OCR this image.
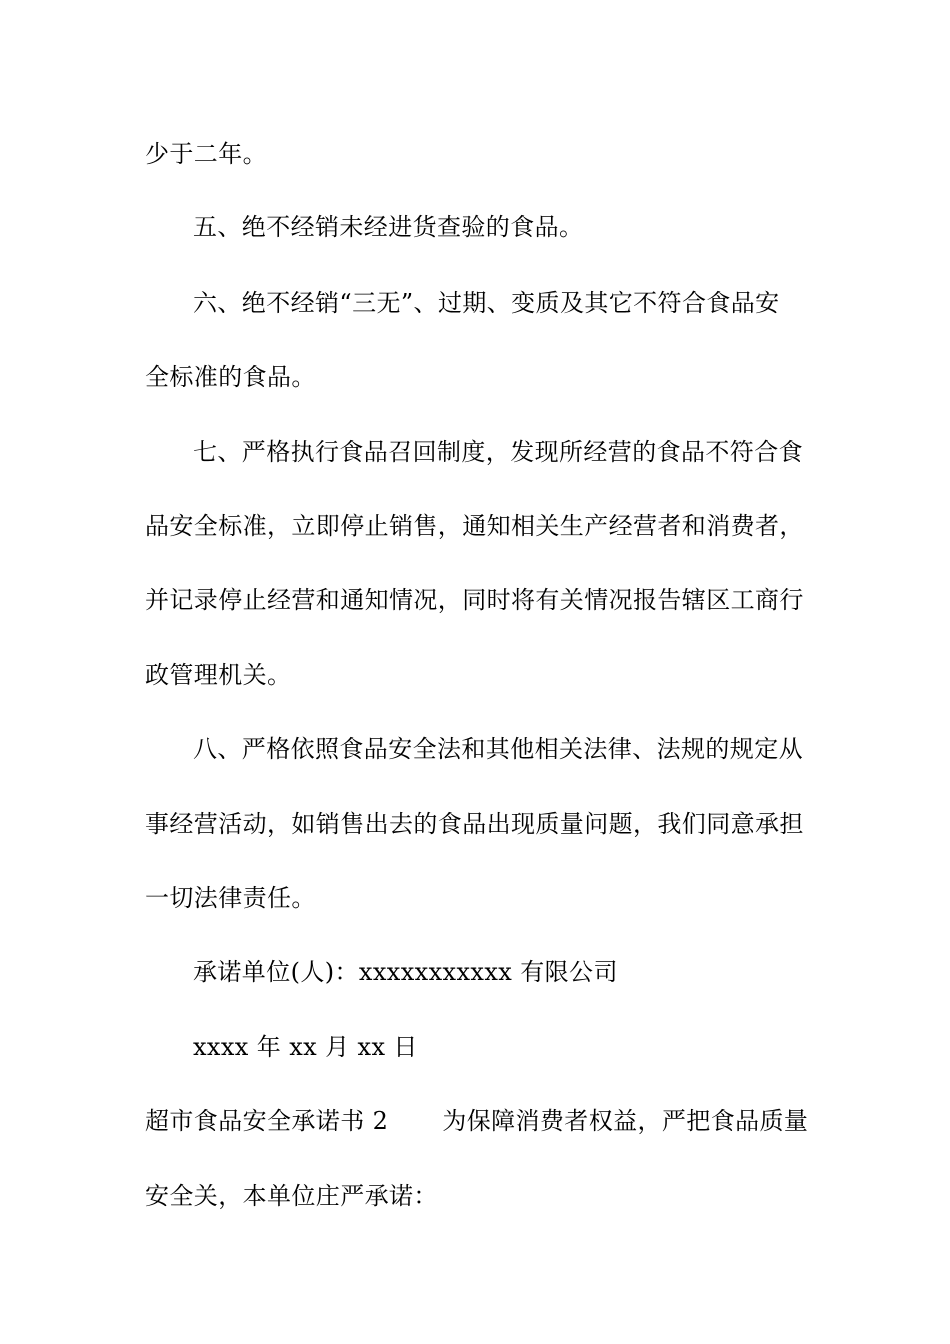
少于二年。
五、绝不经销未经进货查验的食品。
六、绝不经销“三无”、过期、变质及其它不符合食品安
全标准的食品。
七、严格执行食品召回制度，发现所经营的食品不符合食
品安全标准，立即停止销售，通知相关生产经营者和消费者，
并记录停止经营和通知情况，同时将有关情况报告辖区工商行
政管理机关。
八、严格依照食品安全法和其他相关法律、法规的规定从
事经营活动，如销售出去的食品出现质量问题，我们同意承担
一切法律责任。
承诺单位(人)：xxxxxxxxxxx 有限公司
xxxx 年 xx 月 xx 日
超市食品安全承诺书 2 为保障消费者权益，严把食品质量
安全关，本单位庄严承诺：
